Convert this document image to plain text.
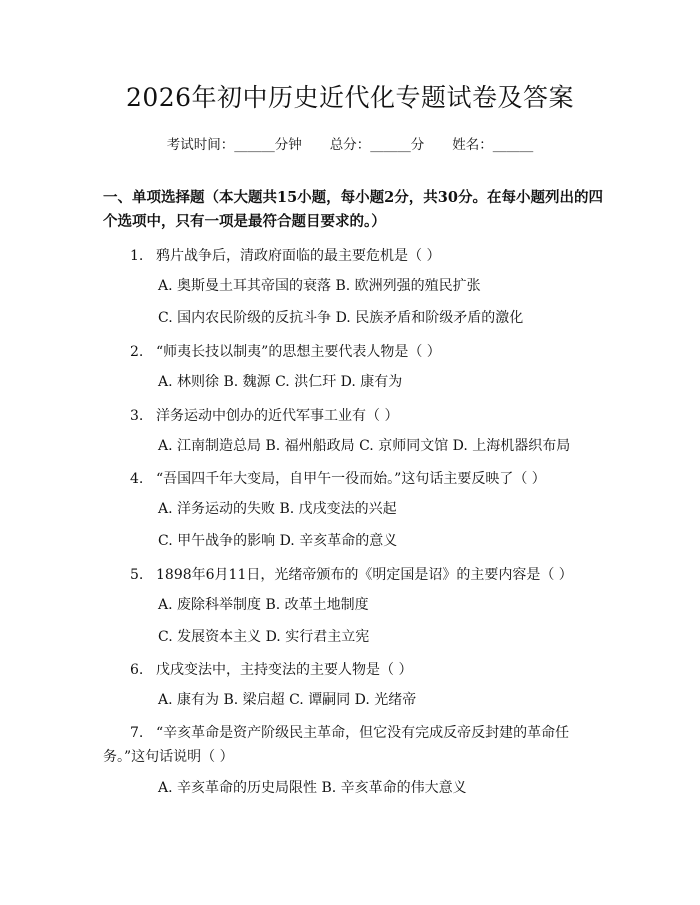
2026年初中历史近代化专题试卷及答案
考试时间：______分钟 总分：______分 姓名：______
一、单项选择题（本大题共15小题，每小题2分，共30分。在每小题列出的四个选项中，只有一项是最符合题目要求的。）
1. 鸦片战争后，清政府面临的最主要危机是（ ）
A. 奥斯曼土耳其帝国的衰落 B. 欧洲列强的殖民扩张
C. 国内农民阶级的反抗斗争 D. 民族矛盾和阶级矛盾的激化
2. “师夷长技以制夷”的思想主要代表人物是（ ）
A. 林则徐 B. 魏源 C. 洪仁玕 D. 康有为
3. 洋务运动中创办的近代军事工业有（ ）
A. 江南制造总局 B. 福州船政局 C. 京师同文馆 D. 上海机器织布局
4. “吾国四千年大变局，自甲午一役而始。”这句话主要反映了（ ）
A. 洋务运动的失败 B. 戊戌变法的兴起
C. 甲午战争的影响 D. 辛亥革命的意义
5. 1898年6月11日，光绪帝颁布的《明定国是诏》的主要内容是（ ）
A. 废除科举制度 B. 改革土地制度
C. 发展资本主义 D. 实行君主立宪
6. 戊戌变法中，主持变法的主要人物是（ ）
A. 康有为 B. 梁启超 C. 谭嗣同 D. 光绪帝
7. “辛亥革命是资产阶级民主革命，但它没有完成反帝反封建的革命任务。”这句话说明（ ）
A. 辛亥革命的历史局限性 B. 辛亥革命的伟大意义
